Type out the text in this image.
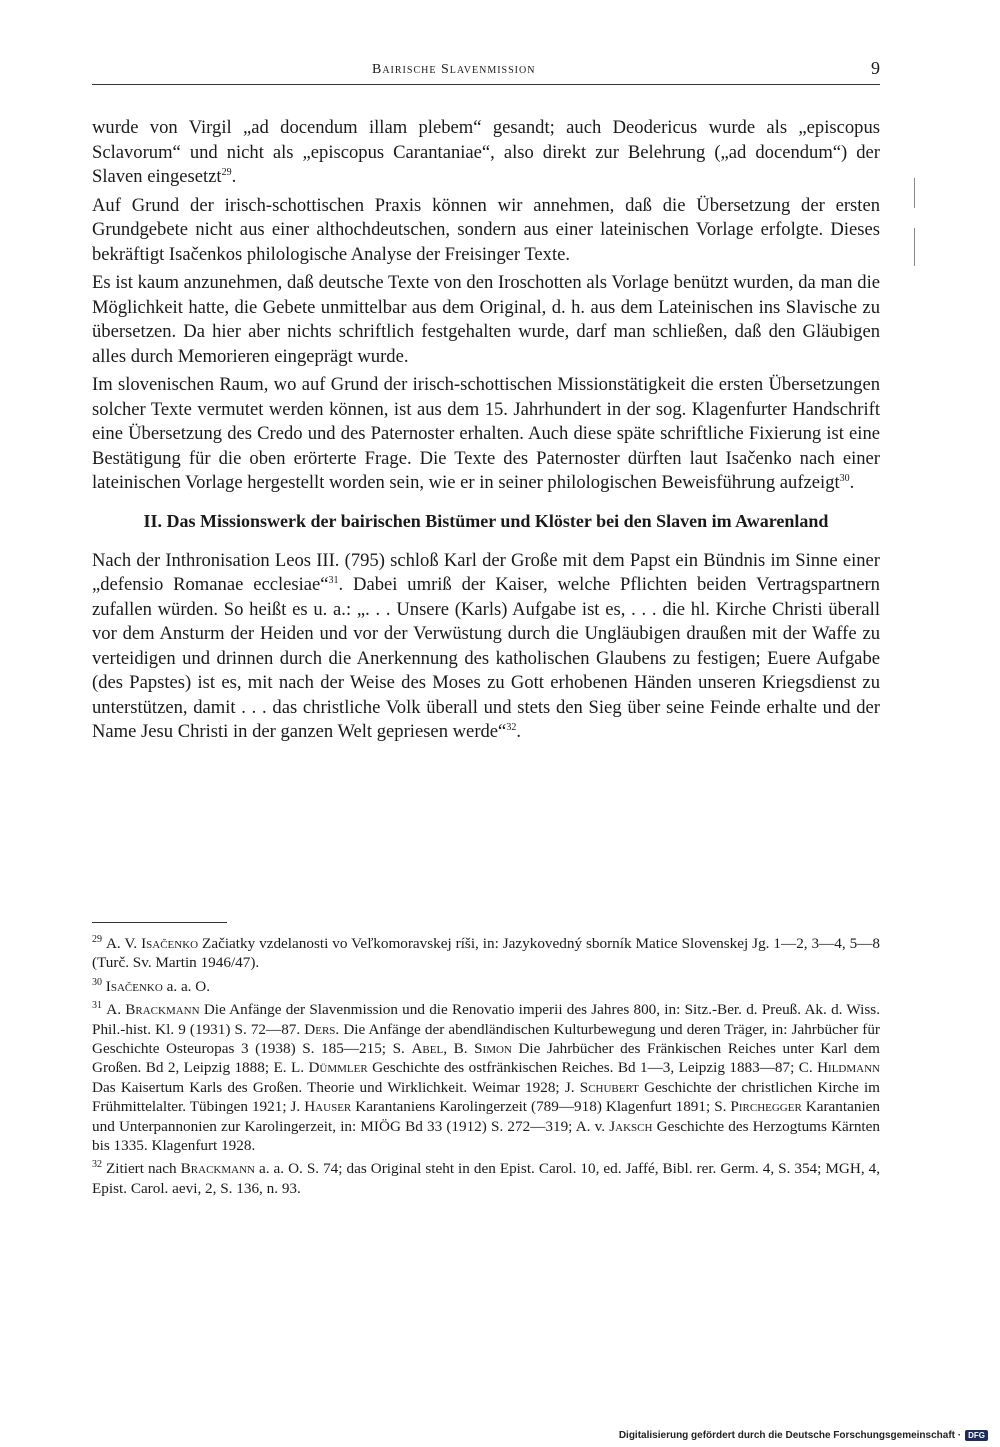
Bairische Slavenmission	9

wurde von Virgil „ad docendum illam plebem“ gesandt; auch Deodericus wurde als „episcopus Sclavorum“ und nicht als „episcopus Carantaniae“, also direkt zur Belehrung („ad docendum“) der Slaven eingesetzt$^{29}$.

Auf Grund der irisch-schottischen Praxis können wir annehmen, daß die Übersetzung der ersten Grundgebete nicht aus einer althochdeutschen, sondern aus einer lateinischen Vorlage erfolgte. Dieses bekräftigt Isačenkos philologische Analyse der Freisinger Texte.

Es ist kaum anzunehmen, daß deutsche Texte von den Iroschotten als Vorlage benützt wurden, da man die Möglichkeit hatte, die Gebete unmittelbar aus dem Original, d. h. aus dem Lateinischen ins Slavische zu übersetzen. Da hier aber nichts schriftlich festgehalten wurde, darf man schließen, daß den Gläubigen alles durch Memorieren eingeprägt wurde.

Im slovenischen Raum, wo auf Grund der irisch-schottischen Missionstätigkeit die ersten Übersetzungen solcher Texte vermutet werden können, ist aus dem 15. Jahrhundert in der sog. Klagenfurter Handschrift eine Übersetzung des Credo und des Paternoster erhalten. Auch diese späte schriftliche Fixierung ist eine Bestätigung für die oben erörterte Frage. Die Texte des Paternoster dürften laut Isačenko nach einer lateinischen Vorlage hergestellt worden sein, wie er in seiner philologischen Beweisführung aufzeigt$^{30}$.

II. Das Missionswerk der bairischen Bistümer und Klöster bei den Slaven im Awarenland

Nach der Inthronisation Leos III. (795) schloß Karl der Große mit dem Papst ein Bündnis im Sinne einer „defensio Romanae ecclesiae“$^{31}$. Dabei umriß der Kaiser, welche Pflichten beiden Vertragspartnern zufallen würden. So heißt es u. a.: „. . . Unsere (Karls) Aufgabe ist es, . . . die hl. Kirche Christi überall vor dem Ansturm der Heiden und vor der Verwüstung durch die Ungläubigen draußen mit der Waffe zu verteidigen und drinnen durch die Anerkennung des katholischen Glaubens zu festigen; Euere Aufgabe (des Papstes) ist es, mit nach der Weise des Moses zu Gott erhobenen Händen unseren Kriegsdienst zu unterstützen, damit . . . das christliche Volk überall und stets den Sieg über seine Feinde erhalte und der Name Jesu Christi in der ganzen Welt gepriesen werde“$^{32}$.

$^{29}$ A. V. Isačenko Začiatky vzdelanosti vo Veľkomoravskej ríši, in: Jazykovedný sborník Matice Slovenskej Jg. 1—2, 3—4, 5—8 (Turč. Sv. Martin 1946/47).

$^{30}$ Isačenko a. a. O.

$^{31}$ A. Brackmann Die Anfänge der Slavenmission und die Renovatio imperii des Jahres 800, in: Sitz.-Ber. d. Preuß. Ak. d. Wiss. Phil.-hist. Kl. 9 (1931) S. 72—87. Ders. Die Anfänge der abendländischen Kulturbewegung und deren Träger, in: Jahrbücher für Geschichte Osteuropas 3 (1938) S. 185—215; S. Abel, B. Simon Die Jahrbücher des Fränkischen Reiches unter Karl dem Großen. Bd 2, Leipzig 1888; E. L. Dümmler Geschichte des ostfränkischen Reiches. Bd 1—3, Leipzig 1883—87; C. Hildmann Das Kaisertum Karls des Großen. Theorie und Wirklichkeit. Weimar 1928; J. Schubert Geschichte der christlichen Kirche im Frühmittelalter. Tübingen 1921; J. Hauser Karantaniens Karolingerzeit (789—918) Klagenfurt 1891; S. Pirchegger Karantanien und Unterpannonien zur Karolingerzeit, in: MIÖG Bd 33 (1912) S. 272—319; A. v. Jaksch Geschichte des Herzogtums Kärnten bis 1335. Klagenfurt 1928.

$^{32}$ Zitiert nach Brackmann a. a. O. S. 74; das Original steht in den Epist. Carol. 10, ed. Jaffé, Bibl. rer. Germ. 4, S. 354; MGH, 4, Epist. Carol. aevi, 2, S. 136, n. 93.

Digitalisierung gefördert durch die Deutsche Forschungsgemeinschaft · DFG
